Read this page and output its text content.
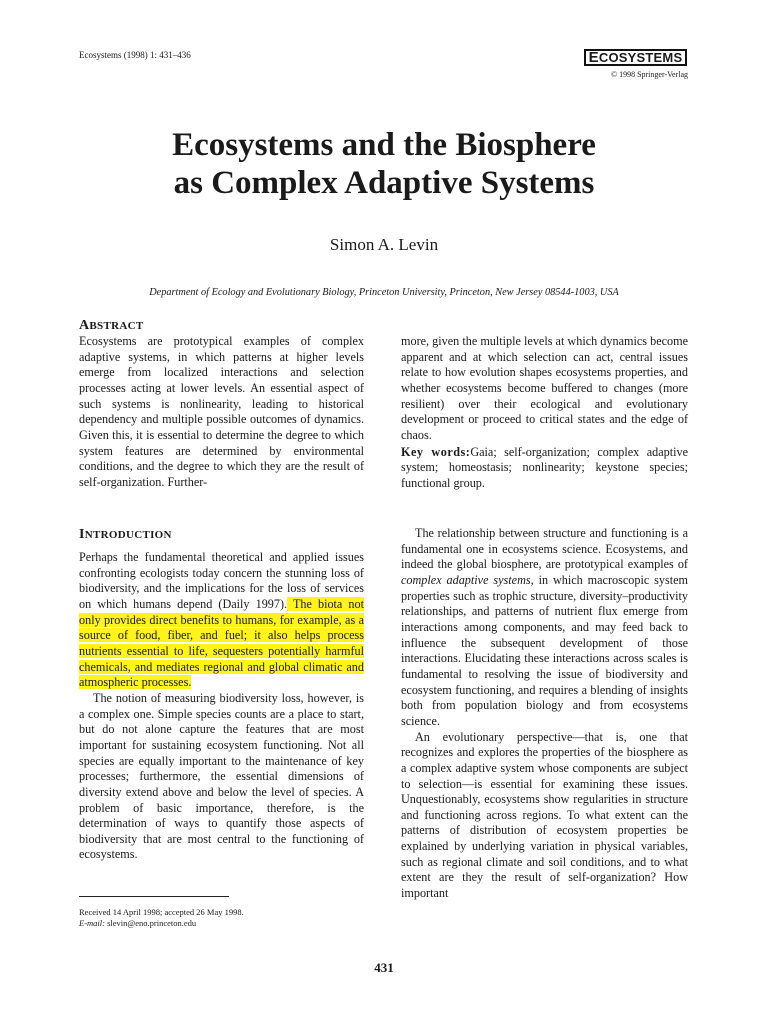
Ecosystems (1998) 1: 431–436	ECOSYSTEMS
© 1998 Springer-Verlag
Ecosystems and the Biosphere
as Complex Adaptive Systems
Simon A. Levin
Department of Ecology and Evolutionary Biology, Princeton University, Princeton, New Jersey 08544-1003, USA
ABSTRACT

Ecosystems are prototypical examples of complex adaptive systems, in which patterns at higher levels emerge from localized interactions and selection processes acting at lower levels. An essential aspect of such systems is nonlinearity, leading to historical dependency and multiple possible outcomes of dynamics. Given this, it is essential to determine the degree to which system features are determined by environmental conditions, and the degree to which they are the result of self-organization. Further-

more, given the multiple levels at which dynamics become apparent and at which selection can act, central issues relate to how evolution shapes ecosystems properties, and whether ecosystems become buffered to changes (more resilient) over their ecological and evolutionary development or proceed to critical states and the edge of chaos.

Key words:Gaia; self-organization; complex adaptive system; homeostasis; nonlinearity; keystone species; functional group.

INTRODUCTION

Perhaps the fundamental theoretical and applied issues confronting ecologists today concern the stunning loss of biodiversity, and the implications for the loss of services on which humans depend (Daily 1997). The biota not only provides direct benefits to humans, for example, as a source of food, fiber, and fuel; it also helps process nutrients essential to life, sequesters potentially harmful chemicals, and mediates regional and global climatic and atmospheric processes.

The notion of measuring biodiversity loss, however, is a complex one. Simple species counts are a place to start, but do not alone capture the features that are most important for sustaining ecosystem functioning. Not all species are equally important to the maintenance of key processes; furthermore, the essential dimensions of diversity extend above and below the level of species. A problem of basic importance, therefore, is the determination of ways to quantify those aspects of biodiversity that are most central to the functioning of ecosystems.

The relationship between structure and functioning is a fundamental one in ecosystems science. Ecosystems, and indeed the global biosphere, are prototypical examples of complex adaptive systems, in which macroscopic system properties such as trophic structure, diversity–productivity relationships, and patterns of nutrient flux emerge from interactions among components, and may feed back to influence the subsequent development of those interactions. Elucidating these interactions across scales is fundamental to resolving the issue of biodiversity and ecosystem functioning, and requires a blending of insights both from population biology and from ecosystems science.

An evolutionary perspective—that is, one that recognizes and explores the properties of the biosphere as a complex adaptive system whose components are subject to selection—is essential for examining these issues. Unquestionably, ecosystems show regularities in structure and functioning across regions. To what extent can the patterns of distribution of ecosystem properties be explained by underlying variation in physical variables, such as regional climate and soil conditions, and to what extent are they the result of self-organization? How important

Received 14 April 1998; accepted 26 May 1998.
E-mail: slevin@eno.princeton.edu
431
